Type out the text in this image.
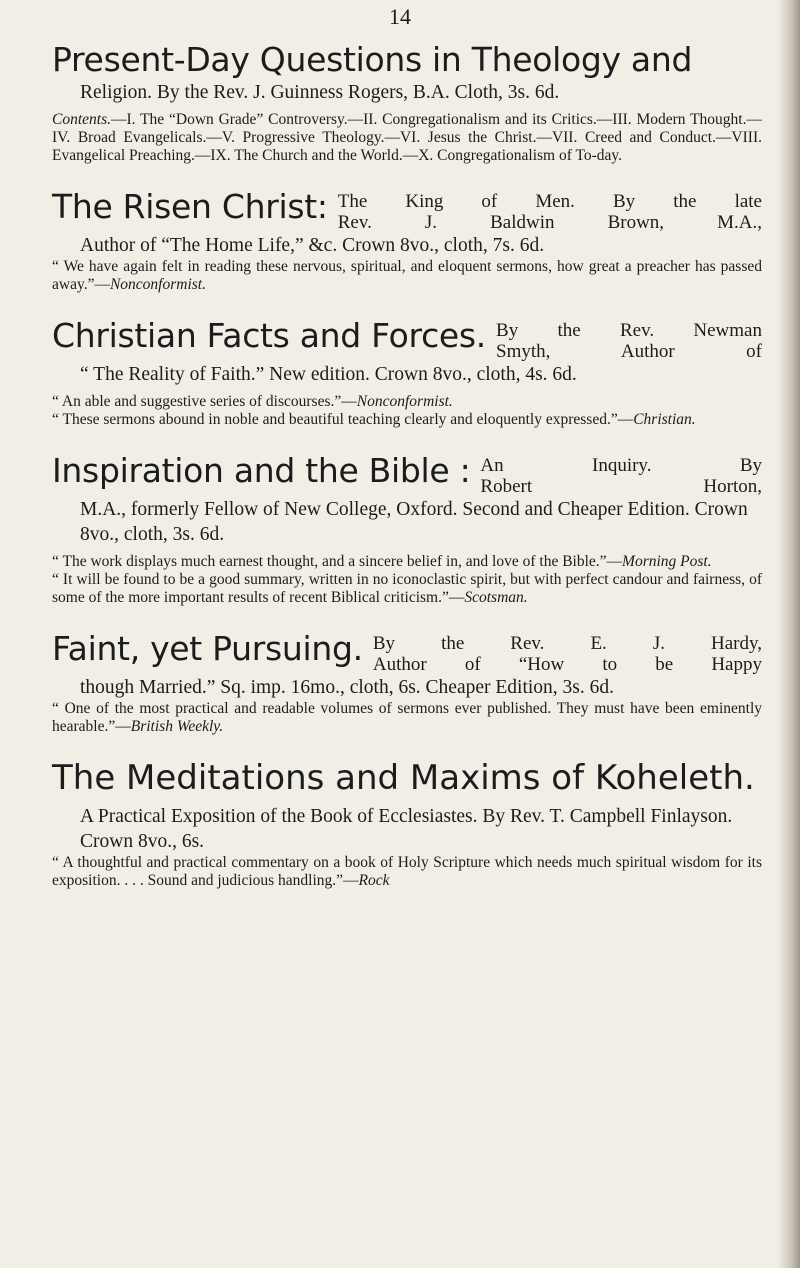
14
Present-Day Questions in Theology and
Religion. By the Rev. J. Guinness Rogers, B.A. Cloth, 3s. 6d.
Contents.—I. The “Down Grade” Controversy.—II. Congregationalism and its Critics.—III. Modern Thought.—IV. Broad Evangelicals.—V. Progressive Theology.—VI. Jesus the Christ.—VII. Creed and Conduct.—VIII. Evangelical Preaching.—IX. The Church and the World.—X. Congregationalism of To-day.
The Risen Christ: The King of Men. By the late
Rev. J. Baldwin Brown, M.A.,
Author of “The Home Life,” &c. Crown 8vo., cloth, 7s. 6d.
“ We have again felt in reading these nervous, spiritual, and eloquent sermons, how great a preacher has passed away.”—Nonconformist.
Christian Facts and Forces. By the Rev. Newman
Smyth, Author of
“ The Reality of Faith.” New edition. Crown 8vo., cloth, 4s. 6d.
“ An able and suggestive series of discourses.”—Nonconformist.
“ These sermons abound in noble and beautiful teaching clearly and eloquently expressed.”—Christian.
Inspiration and the Bible : An Inquiry. By
Robert Horton,
M.A., formerly Fellow of New College, Oxford. Second and Cheaper Edition. Crown 8vo., cloth, 3s. 6d.
“ The work displays much earnest thought, and a sincere belief in, and love of the Bible.”—Morning Post.
“ It will be found to be a good summary, written in no iconoclastic spirit, but with perfect candour and fairness, of some of the more important results of recent Biblical criticism.”—Scotsman.
Faint, yet Pursuing. By the Rev. E. J. Hardy,
Author of “How to be Happy
though Married.” Sq. imp. 16mo., cloth, 6s. Cheaper Edition, 3s. 6d.
“ One of the most practical and readable volumes of sermons ever published. They must have been eminently hearable.”—British Weekly.
The Meditations and Maxims of Koheleth.
A Practical Exposition of the Book of Ecclesiastes. By Rev. T. Campbell Finlayson. Crown 8vo., 6s.
“ A thoughtful and practical commentary on a book of Holy Scripture which needs much spiritual wisdom for its exposition. . . . Sound and judicious handling.”—Rock
